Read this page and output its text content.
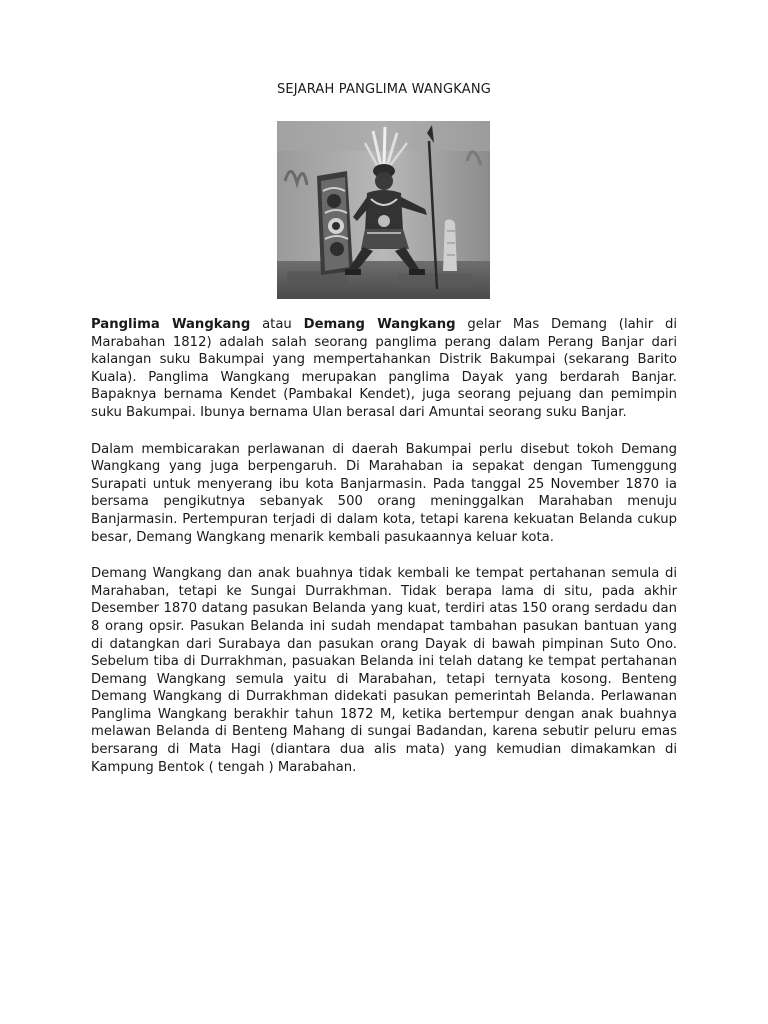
SEJARAH PANGLIMA WANGKANG

Panglima Wangkang atau Demang Wangkang gelar Mas Demang (lahir di Marabahan 1812) adalah salah seorang panglima perang dalam Perang Banjar dari kalangan suku Bakumpai yang mempertahankan Distrik Bakumpai (sekarang Barito Kuala). Panglima Wangkang merupakan panglima Dayak yang berdarah Banjar. Bapaknya bernama Kendet (Pambakal Kendet), juga seorang pejuang dan pemimpin suku Bakumpai. Ibunya bernama Ulan berasal dari Amuntai seorang suku Banjar.

Dalam membicarakan perlawanan di daerah Bakumpai perlu disebut tokoh Demang Wangkang yang juga berpengaruh. Di Marahaban ia sepakat dengan Tumenggung Surapati untuk menyerang ibu kota Banjarmasin. Pada tanggal 25 November 1870 ia bersama pengikutnya sebanyak 500 orang meninggalkan Marahaban menuju Banjarmasin. Pertempuran terjadi di dalam kota, tetapi karena kekuatan Belanda cukup besar, Demang Wangkang menarik kembali pasukaannya keluar kota.

Demang Wangkang dan anak buahnya tidak kembali ke tempat pertahanan semula di Marahaban, tetapi ke Sungai Durrakhman. Tidak berapa lama di situ, pada akhir Desember 1870 datang pasukan Belanda yang kuat, terdiri atas 150 orang serdadu dan 8 orang opsir. Pasukan Belanda ini sudah mendapat tambahan pasukan bantuan yang di datangkan dari Surabaya dan pasukan orang Dayak di bawah pimpinan Suto Ono. Sebelum tiba di Durrakhman, pasuakan Belanda ini telah datang ke tempat pertahanan Demang Wangkang semula yaitu di Marabahan, tetapi ternyata kosong. Benteng Demang Wangkang di Durrakhman didekati pasukan pemerintah Belanda. Perlawanan Panglima Wangkang berakhir tahun 1872 M, ketika bertempur dengan anak buahnya melawan Belanda di Benteng Mahang di sungai Badandan, karena sebutir peluru emas bersarang di Mata Hagi (diantara dua alis mata) yang kemudian dimakamkan di Kampung Bentok ( tengah ) Marabahan.
